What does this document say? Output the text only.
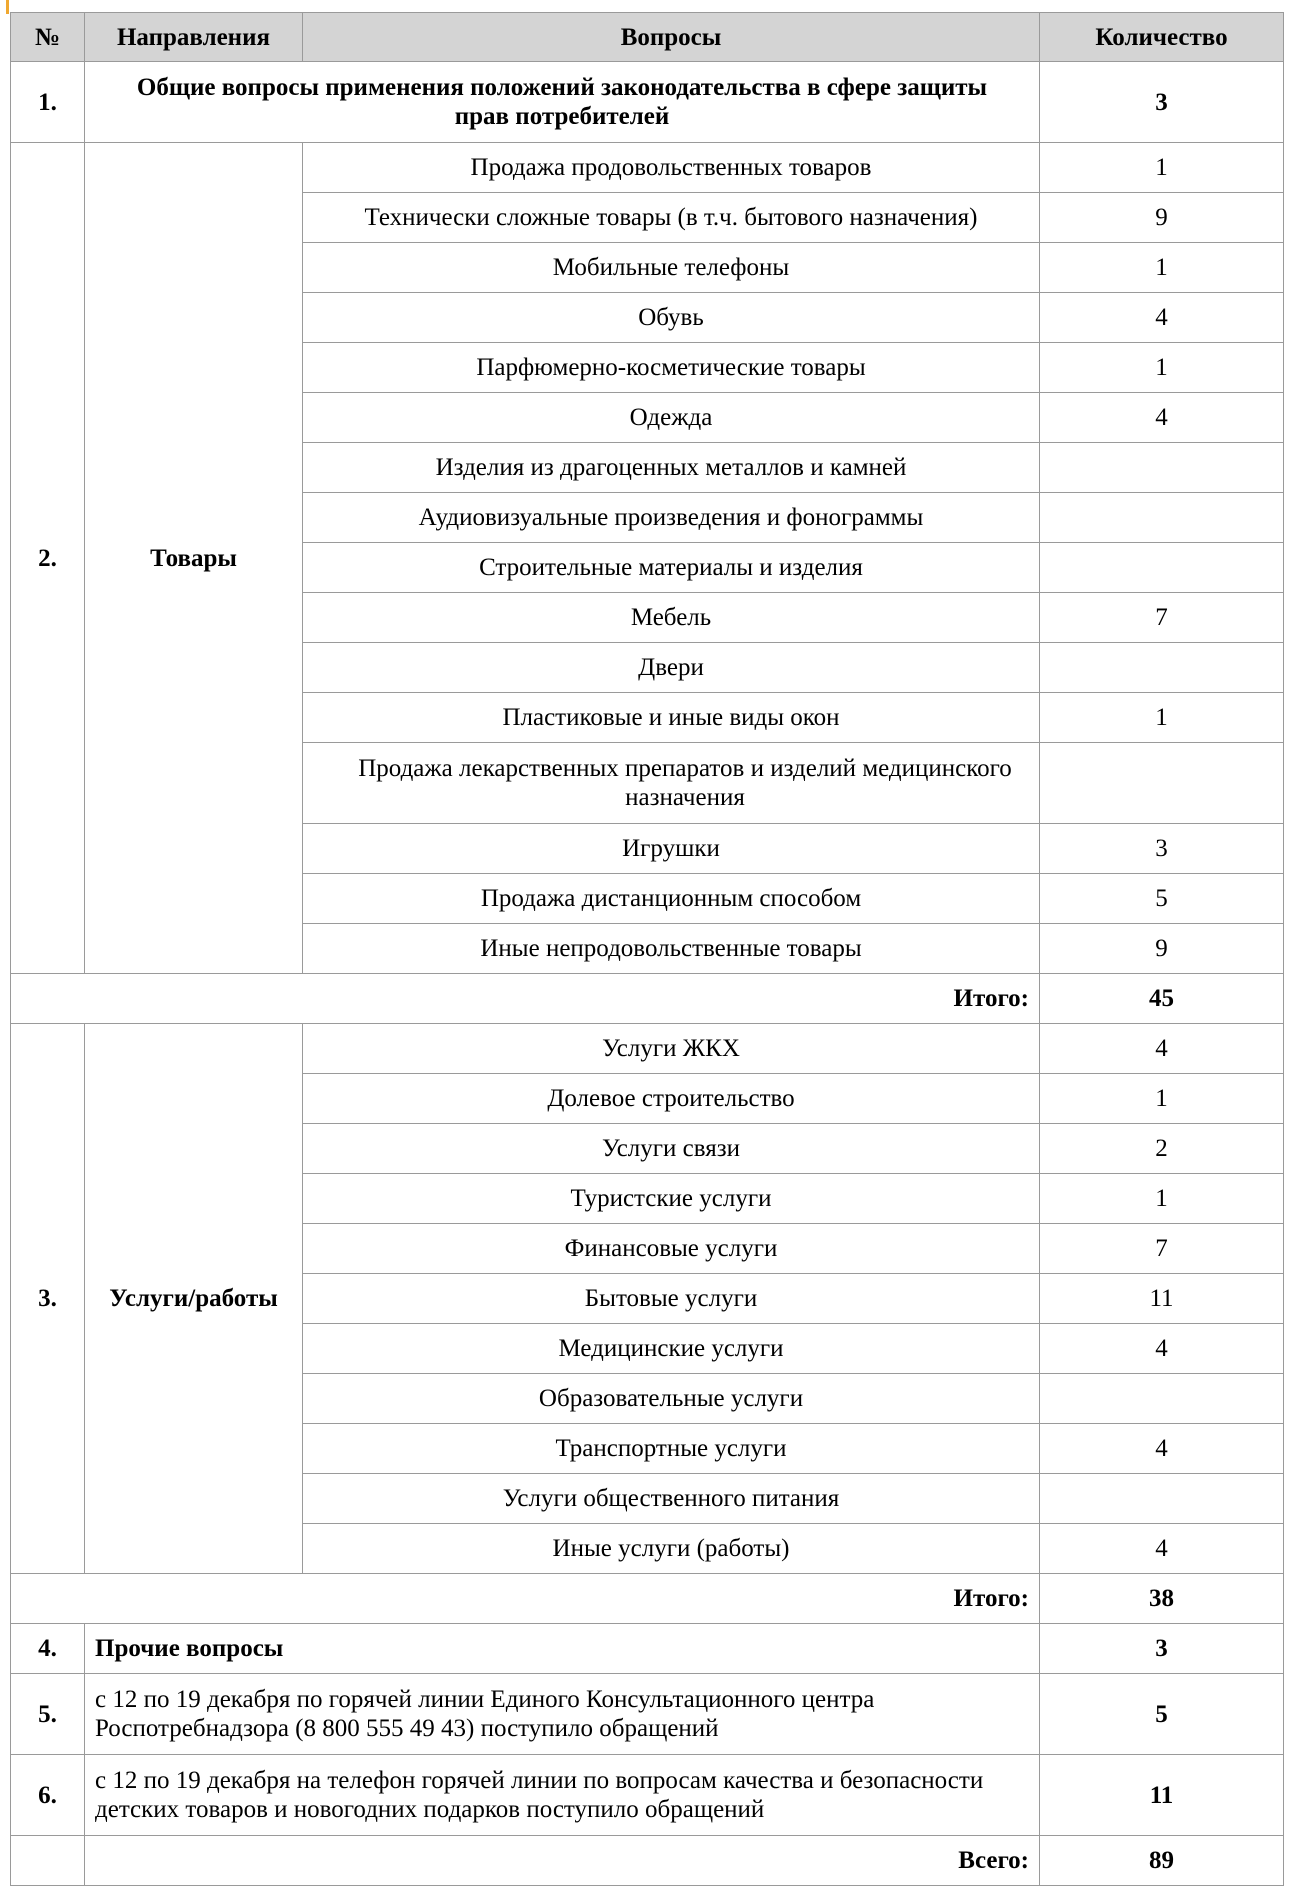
№	Направления	Вопросы	Количество
1.	Общие вопросы применения положений законодательства в сфере защиты прав потребителей		3
2.	Товары	Продажа продовольственных товаров	1
		Технически сложные товары (в т.ч. бытового назначения)	9
		Мобильные телефоны	1
		Обувь	4
		Парфюмерно-косметические товары	1
		Одежда	4
		Изделия из драгоценных металлов и камней	
		Аудиовизуальные произведения и фонограммы	
		Строительные материалы и изделия	
		Мебель	7
		Двери	
		Пластиковые и иные виды окон	1
		Продажа лекарственных препаратов и изделий медицинского назначения	
		Игрушки	3
		Продажа дистанционным способом	5
		Иные непродовольственные товары	9
Итого:			45
3.	Услуги/работы	Услуги ЖКХ	4
		Долевое строительство	1
		Услуги связи	2
		Туристские услуги	1
		Финансовые услуги	7
		Бытовые услуги	11
		Медицинские услуги	4
		Образовательные услуги	
		Транспортные услуги	4
		Услуги общественного питания	
		Иные услуги (работы)	4
Итого:			38
4.	Прочие вопросы		3
5.	с 12 по 19 декабря по горячей линии Единого Консультационного центра Роспотребнадзора (8 800 555 49 43) поступило обращений		5
6.	с 12 по 19 декабря на телефон горячей линии по вопросам качества и безопасности детских товаров и новогодних подарков поступило обращений		11
	Всего:		89
